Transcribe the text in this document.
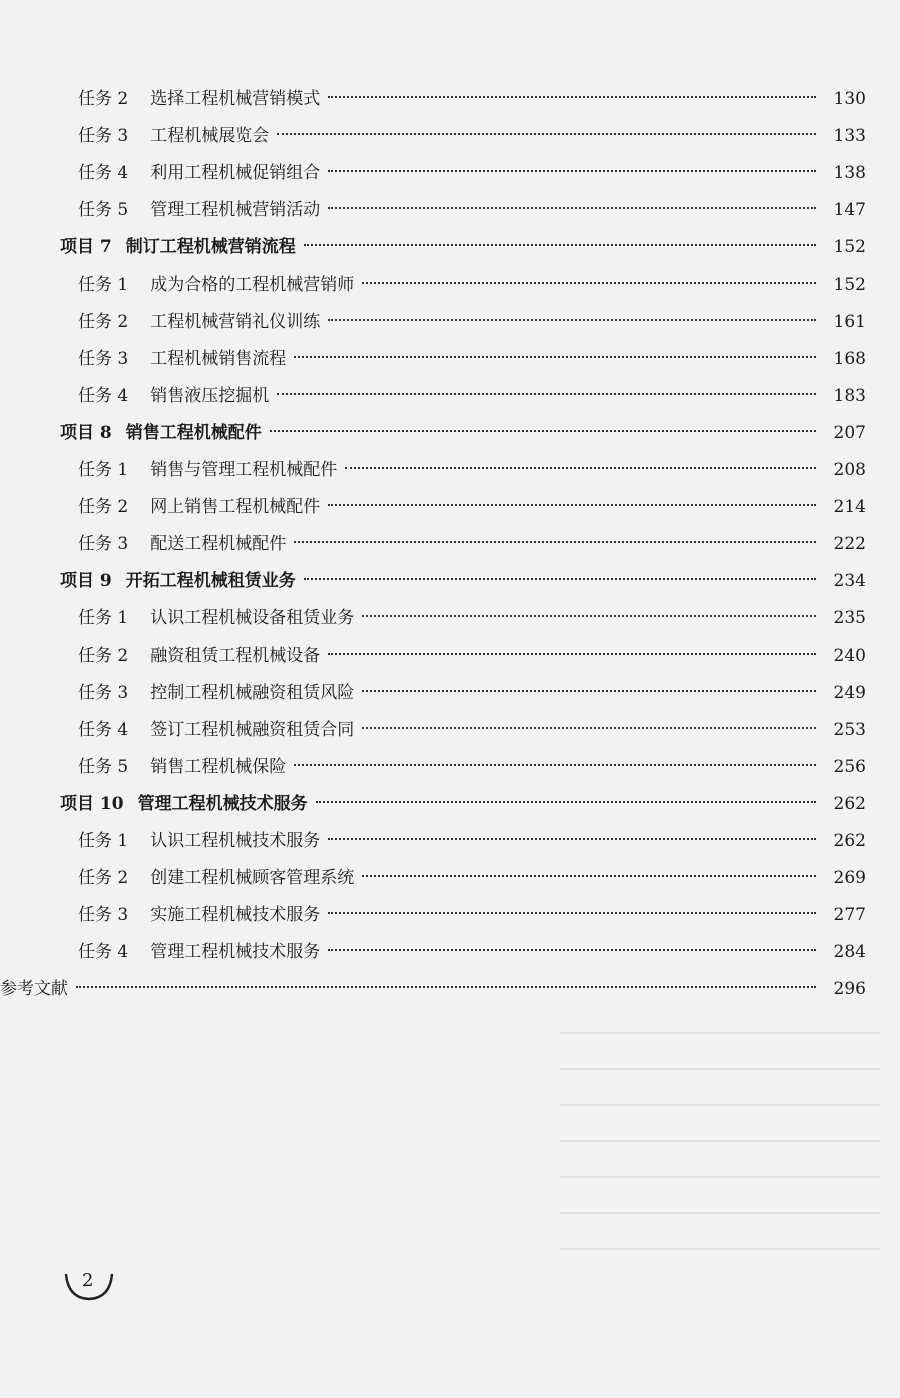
任务 2 选择工程机械营销模式	130
任务 3 工程机械展览会	133
任务 4 利用工程机械促销组合	138
任务 5 管理工程机械营销活动	147
项目 7 制订工程机械营销流程	152
任务 1 成为合格的工程机械营销师	152
任务 2 工程机械营销礼仪训练	161
任务 3 工程机械销售流程	168
任务 4 销售液压挖掘机	183
项目 8 销售工程机械配件	207
任务 1 销售与管理工程机械配件	208
任务 2 网上销售工程机械配件	214
任务 3 配送工程机械配件	222
项目 9 开拓工程机械租赁业务	234
任务 1 认识工程机械设备租赁业务	235
任务 2 融资租赁工程机械设备	240
任务 3 控制工程机械融资租赁风险	249
任务 4 签订工程机械融资租赁合同	253
任务 5 销售工程机械保险	256
项目 10 管理工程机械技术服务	262
任务 1 认识工程机械技术服务	262
任务 2 创建工程机械顾客管理系统	269
任务 3 实施工程机械技术服务	277
任务 4 管理工程机械技术服务	284
参考文献	296
2
